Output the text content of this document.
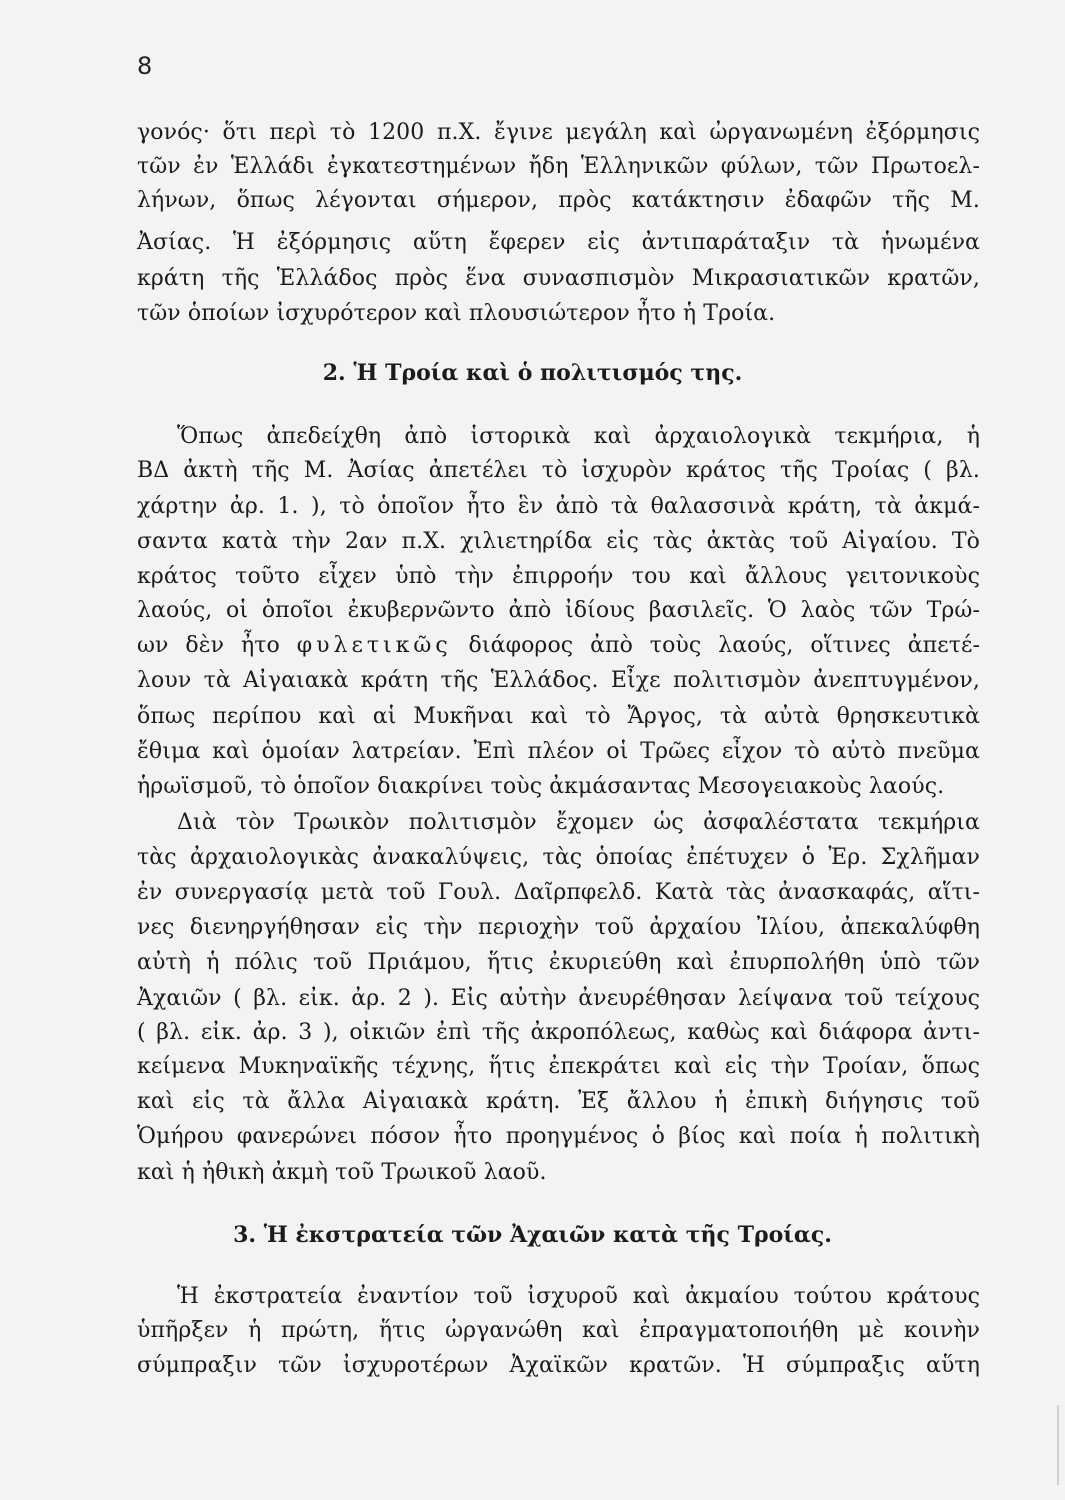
8
γονός· ὅτι περὶ τὸ 1200 π.Χ. ἔγινε μεγάλη καὶ ὠργανωμένη ἐξόρμησις
τῶν ἐν Ἑλλάδι ἐγκατεστημένων ἤδη Ἑλληνικῶν φύλων, τῶν Πρωτοελ-
λήνων, ὅπως λέγονται σήμερον, πρὸς κατάκτησιν ἐδαφῶν τῆς Μ.
Ἀσίας. Ἡ ἐξόρμησις αὕτη ἔφερεν εἰς ἀντιπαράταξιν τὰ ἡνωμένα
κράτη τῆς Ἑλλάδος πρὸς ἕνα συνασπισμὸν Μικρασιατικῶν κρατῶν,
τῶν ὁποίων ἰσχυρότερον καὶ πλουσιώτερον ἦτο ἡ Τροία.
2. Ἡ Τροία καὶ ὁ πολιτισμός της.
Ὅπως ἀπεδείχθη ἀπὸ ἱστορικὰ καὶ ἀρχαιολογικὰ τεκμήρια, ἡ
ΒΔ ἀκτὴ τῆς Μ. Ἀσίας ἀπετέλει τὸ ἰσχυρὸν κράτος τῆς Τροίας ( βλ.
χάρτην ἀρ. 1. ), τὸ ὁποῖον ἦτο ἓν ἀπὸ τὰ θαλασσινὰ κράτη, τὰ ἀκμά-
σαντα κατὰ τὴν 2αν π.Χ. χιλιετηρίδα εἰς τὰς ἀκτὰς τοῦ Αἰγαίου. Τὸ
κράτος τοῦτο εἶχεν ὑπὸ τὴν ἐπιρροήν του καὶ ἄλλους γειτονικοὺς
λαούς, οἱ ὁποῖοι ἐκυβερνῶντο ἀπὸ ἰδίους βασιλεῖς. Ὁ λαὸς τῶν Τρώ-
ων δὲν ἦτο φυλετικῶς διάφορος ἀπὸ τοὺς λαούς, οἵτινες ἀπετέ-
λουν τὰ Αἰγαιακὰ κράτη τῆς Ἑλλάδος. Εἶχε πολιτισμὸν ἀνεπτυγμένον,
ὅπως περίπου καὶ αἱ Μυκῆναι καὶ τὸ Ἄργος, τὰ αὐτὰ θρησκευτικὰ
ἔθιμα καὶ ὁμοίαν λατρείαν. Ἐπὶ πλέον οἱ Τρῶες εἶχον τὸ αὐτὸ πνεῦμα
ἡρωϊσμοῦ, τὸ ὁποῖον διακρίνει τοὺς ἀκμάσαντας Μεσογειακοὺς λαούς.
Διὰ τὸν Τρωικὸν πολιτισμὸν ἔχομεν ὡς ἀσφαλέστατα τεκμήρια
τὰς ἀρχαιολογικὰς ἀνακαλύψεις, τὰς ὁποίας ἐπέτυχεν ὁ Ἐρ. Σχλῆμαν
ἐν συνεργασίᾳ μετὰ τοῦ Γουλ. Δαῖρπφελδ. Κατὰ τὰς ἀνασκαφάς, αἵτι-
νες διενηργήθησαν εἰς τὴν περιοχὴν τοῦ ἀρχαίου Ἰλίου, ἀπεκαλύφθη
αὐτὴ ἡ πόλις τοῦ Πριάμου, ἥτις ἐκυριεύθη καὶ ἐπυρπολήθη ὑπὸ τῶν
Ἀχαιῶν ( βλ. εἰκ. ἀρ. 2 ). Εἰς αὐτὴν ἀνευρέθησαν λείψανα τοῦ τείχους
( βλ. εἰκ. ἀρ. 3 ), οἰκιῶν ἐπὶ τῆς ἀκροπόλεως, καθὼς καὶ διάφορα ἀντι-
κείμενα Μυκηναϊκῆς τέχνης, ἥτις ἐπεκράτει καὶ εἰς τὴν Τροίαν, ὅπως
καὶ εἰς τὰ ἄλλα Αἰγαιακὰ κράτη. Ἐξ ἄλλου ἡ ἐπικὴ διήγησις τοῦ
Ὁμήρου φανερώνει πόσον ἦτο προηγμένος ὁ βίος καὶ ποία ἡ πολιτικὴ
καὶ ἡ ἠθικὴ ἀκμὴ τοῦ Τρωικοῦ λαοῦ.
3. Ἡ ἐκστρατεία τῶν Ἀχαιῶν κατὰ τῆς Τροίας.
Ἡ ἐκστρατεία ἐναντίον τοῦ ἰσχυροῦ καὶ ἀκμαίου τούτου κράτους
ὑπῆρξεν ἡ πρώτη, ἥτις ὠργανώθη καὶ ἐπραγματοποιήθη μὲ κοινὴν
σύμπραξιν τῶν ἰσχυροτέρων Ἀχαϊκῶν κρατῶν. Ἡ σύμπραξις αὕτη
